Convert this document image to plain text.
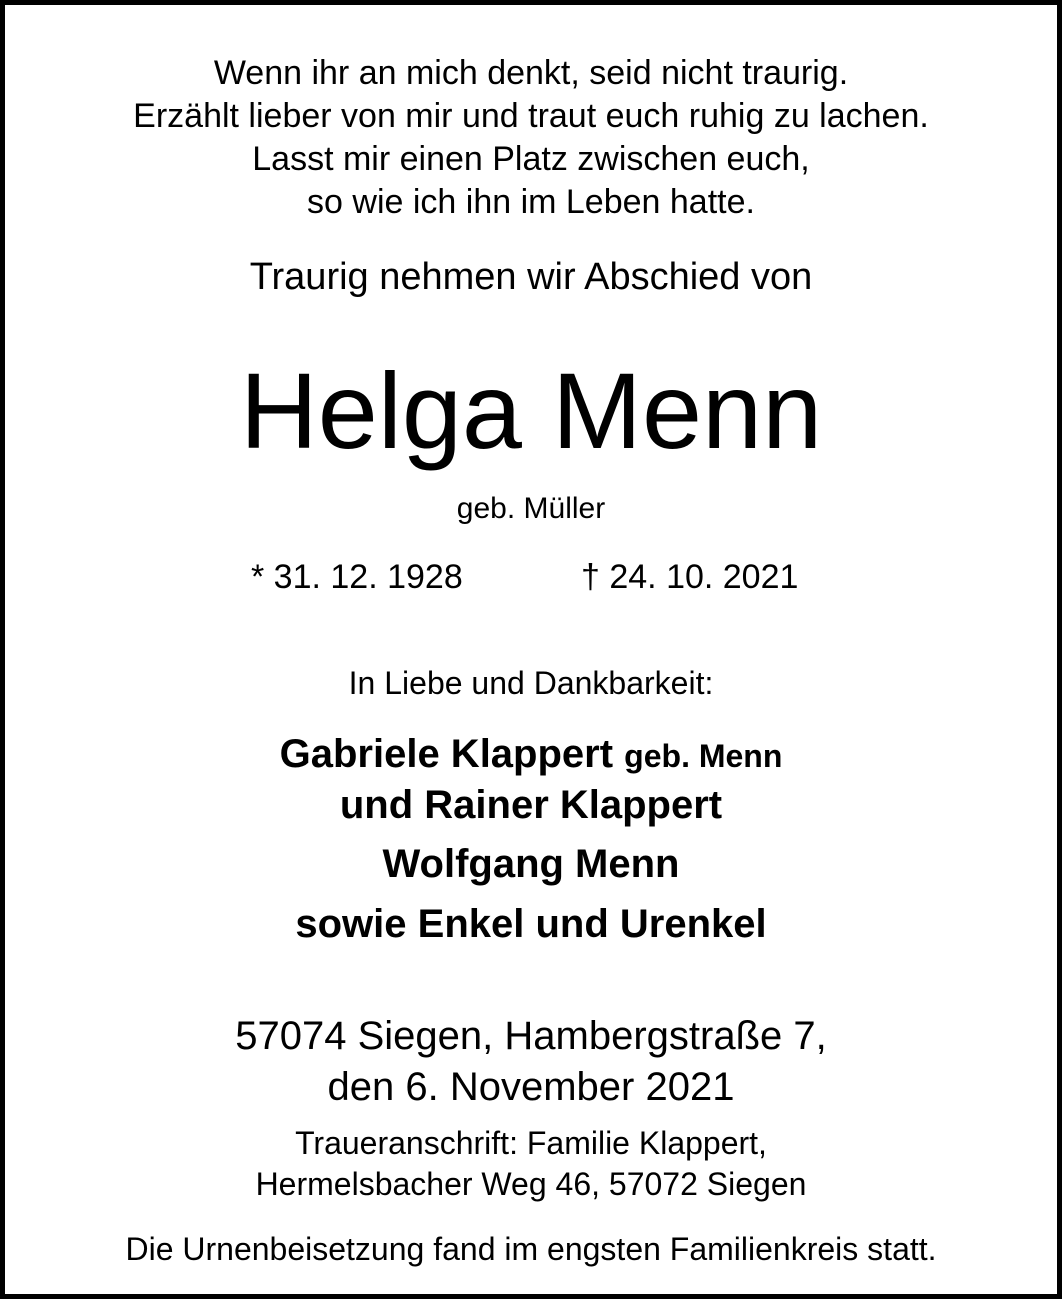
Wenn ihr an mich denkt, seid nicht traurig.
Erzählt lieber von mir und traut euch ruhig zu lachen.
Lasst mir einen Platz zwischen euch,
so wie ich ihn im Leben hatte.
Traurig nehmen wir Abschied von
Helga Menn
geb. Müller
* 31. 12. 1928	† 24. 10. 2021
In Liebe und Dankbarkeit:
Gabriele Klappert geb. Menn
und Rainer Klappert
Wolfgang Menn
sowie Enkel und Urenkel
57074 Siegen, Hambergstraße 7,
den 6. November 2021
Traueranschrift: Familie Klappert,
Hermelsbacher Weg 46, 57072 Siegen
Die Urnenbeisetzung fand im engsten Familienkreis statt.
